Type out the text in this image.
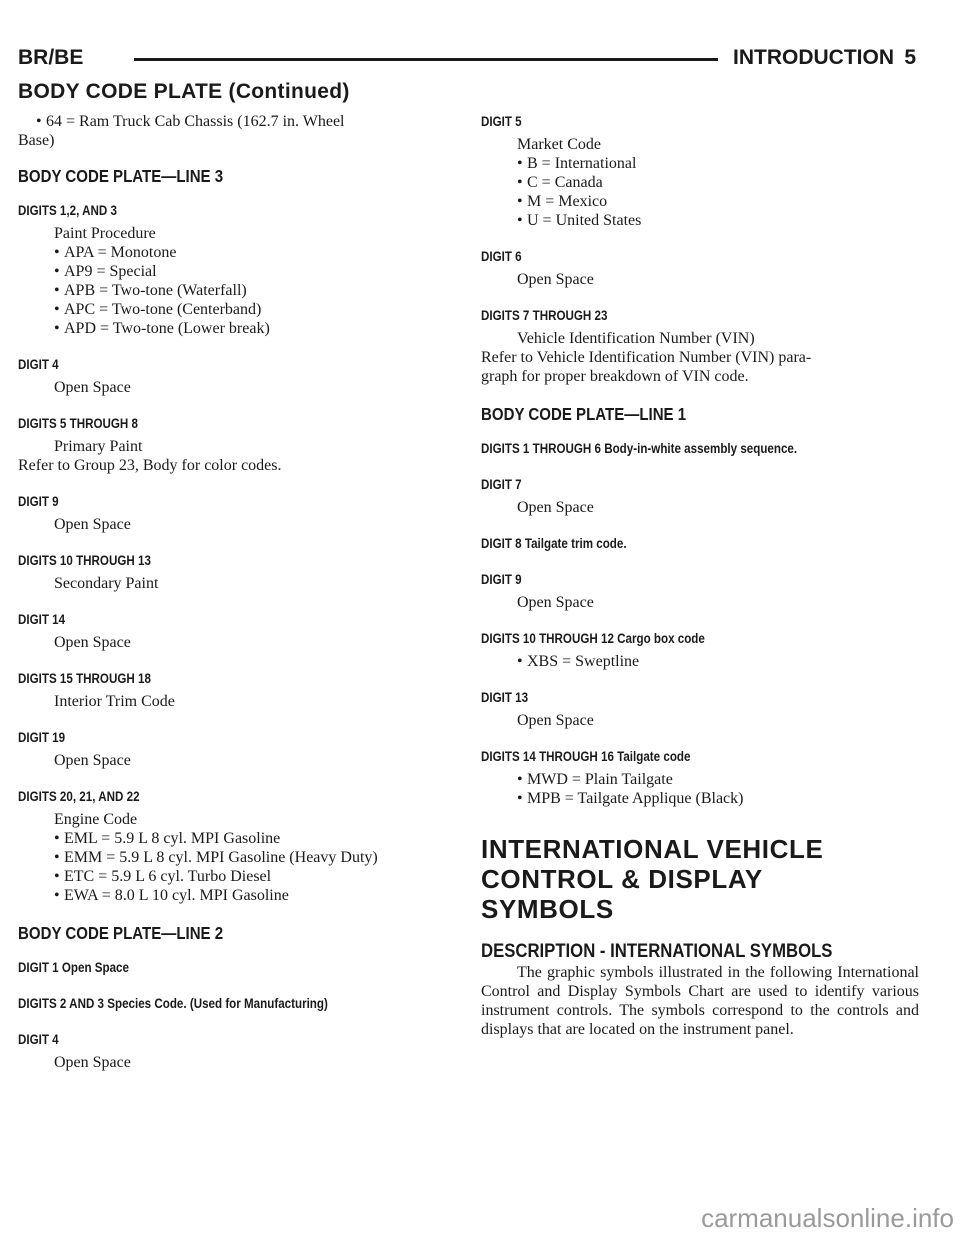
BR/BE	INTRODUCTION 5
BODY CODE PLATE (Continued)
• 64 = Ram Truck Cab Chassis (162.7 in. Wheel
Base)
BODY CODE PLATE—LINE 3
DIGITS 1,2, AND 3
Paint Procedure
• APA = Monotone
• AP9 = Special
• APB = Two-tone (Waterfall)
• APC = Two-tone (Centerband)
• APD = Two-tone (Lower break)
DIGIT 4
Open Space
DIGITS 5 THROUGH 8
Primary Paint
Refer to Group 23, Body for color codes.
DIGIT 9
Open Space
DIGITS 10 THROUGH 13
Secondary Paint
DIGIT 14
Open Space
DIGITS 15 THROUGH 18
Interior Trim Code
DIGIT 19
Open Space
DIGITS 20, 21, AND 22
Engine Code
• EML = 5.9 L 8 cyl. MPI Gasoline
• EMM = 5.9 L 8 cyl. MPI Gasoline (Heavy Duty)
• ETC = 5.9 L 6 cyl. Turbo Diesel
• EWA = 8.0 L 10 cyl. MPI Gasoline
BODY CODE PLATE—LINE 2
DIGIT 1 Open Space
DIGITS 2 AND 3 Species Code. (Used for Manufacturing)
DIGIT 4
Open Space
DIGIT 5
Market Code
• B = International
• C = Canada
• M = Mexico
• U = United States
DIGIT 6
Open Space
DIGITS 7 THROUGH 23
Vehicle Identification Number (VIN)
Refer to Vehicle Identification Number (VIN) para-
graph for proper breakdown of VIN code.
BODY CODE PLATE—LINE 1
DIGITS 1 THROUGH 6 Body-in-white assembly sequence.
DIGIT 7
Open Space
DIGIT 8 Tailgate trim code.
DIGIT 9
Open Space
DIGITS 10 THROUGH 12 Cargo box code
• XBS = Sweptline
DIGIT 13
Open Space
DIGITS 14 THROUGH 16 Tailgate code
• MWD = Plain Tailgate
• MPB = Tailgate Applique (Black)
INTERNATIONAL VEHICLE
CONTROL & DISPLAY
SYMBOLS
DESCRIPTION - INTERNATIONAL SYMBOLS
The graphic symbols illustrated in the following International Control and Display Symbols Chart are used to identify various instrument controls. The symbols correspond to the controls and displays that are located on the instrument panel.
carmanualsonline.info
